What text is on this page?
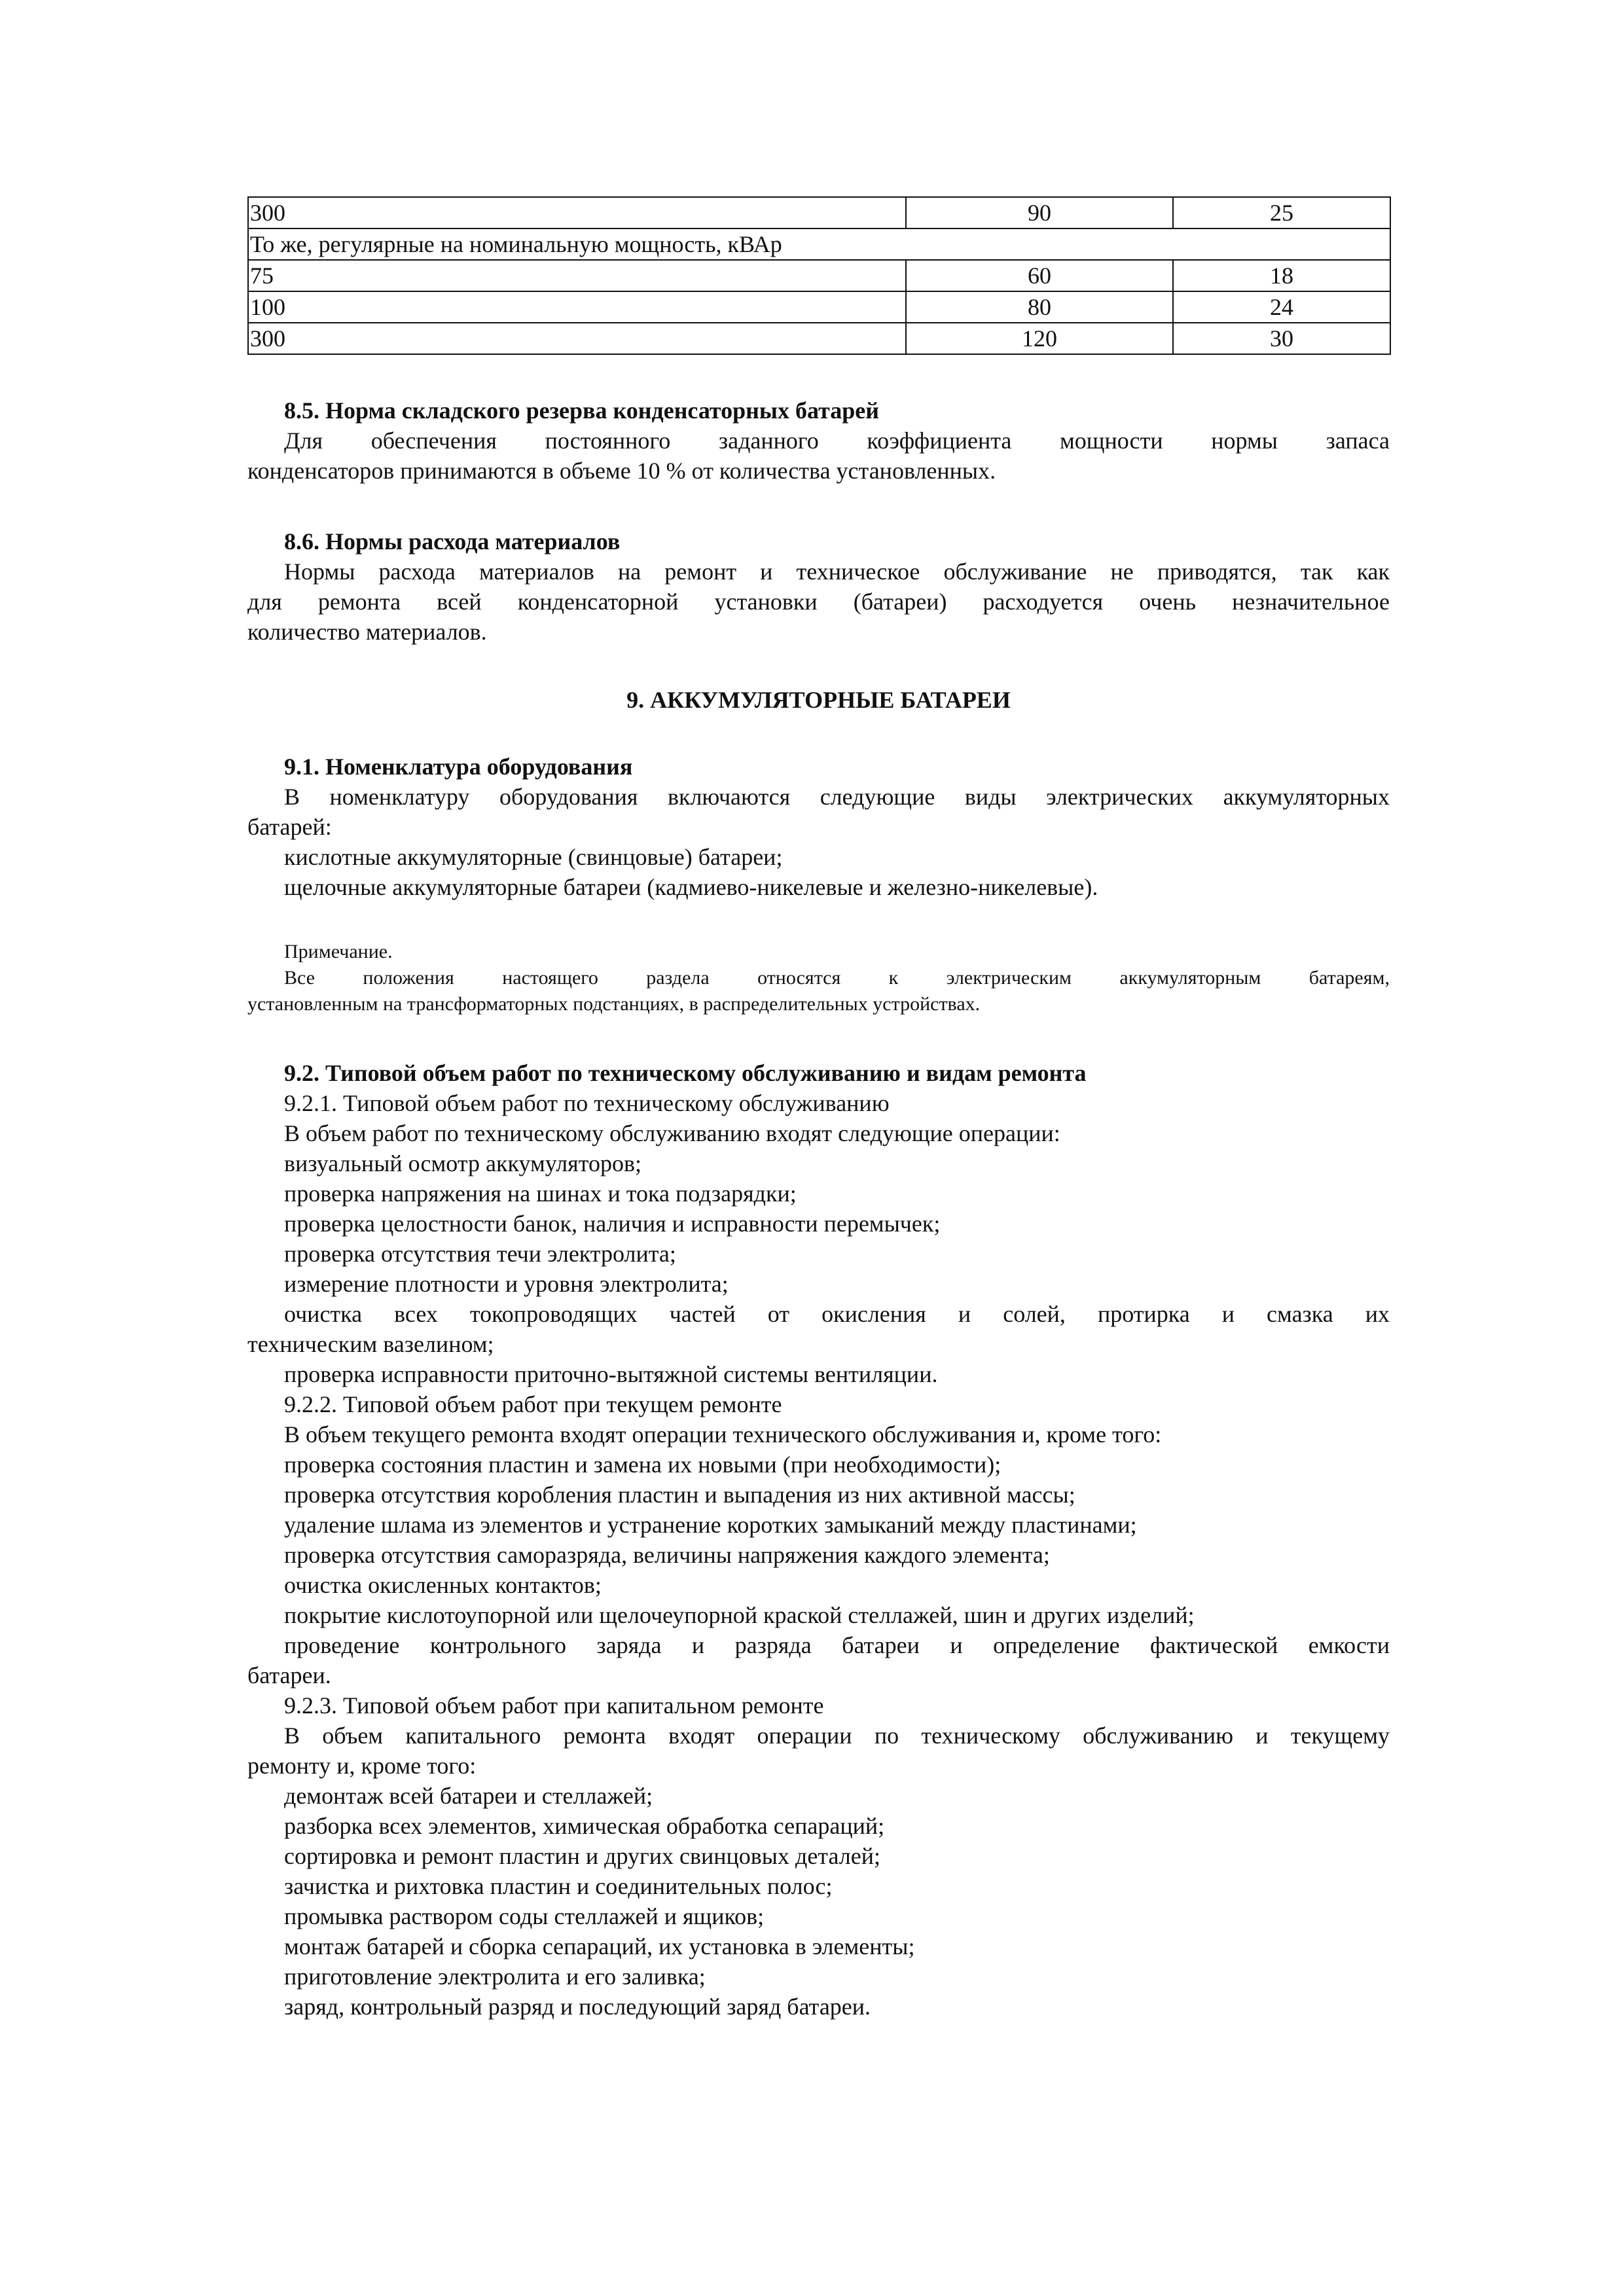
300	90	25
То же, регулярные на номинальную мощность, кВАр		
75	60	18
100	80	24
300	120	30
8.5. Норма складского резерва конденсаторных батарей
Для обеспечения постоянного заданного коэффициента мощности нормы запаса
конденсаторов принимаются в объеме 10 % от количества установленных.
8.6. Нормы расхода материалов
Нормы расхода материалов на ремонт и техническое обслуживание не приводятся, так как
для ремонта всей конденсаторной установки (батареи) расходуется очень незначительное
количество материалов.
9. АККУМУЛЯТОРНЫЕ БАТАРЕИ
9.1. Номенклатура оборудования
В номенклатуру оборудования включаются следующие виды электрических аккумуляторных
батарей:
кислотные аккумуляторные (свинцовые) батареи;
щелочные аккумуляторные батареи (кадмиево-никелевые и железно-никелевые).
Примечание.
Все положения настоящего раздела относятся к электрическим аккумуляторным батареям,
установленным на трансформаторных подстанциях, в распределительных устройствах.
9.2. Типовой объем работ по техническому обслуживанию и видам ремонта
9.2.1. Типовой объем работ по техническому обслуживанию
В объем работ по техническому обслуживанию входят следующие операции:
визуальный осмотр аккумуляторов;
проверка напряжения на шинах и тока подзарядки;
проверка целостности банок, наличия и исправности перемычек;
проверка отсутствия течи электролита;
измерение плотности и уровня электролита;
очистка всех токопроводящих частей от окисления и солей, протирка и смазка их
техническим вазелином;
проверка исправности приточно-вытяжной системы вентиляции.
9.2.2. Типовой объем работ при текущем ремонте
В объем текущего ремонта входят операции технического обслуживания и, кроме того:
проверка состояния пластин и замена их новыми (при необходимости);
проверка отсутствия коробления пластин и выпадения из них активной массы;
удаление шлама из элементов и устранение коротких замыканий между пластинами;
проверка отсутствия саморазряда, величины напряжения каждого элемента;
очистка окисленных контактов;
покрытие кислотоупорной или щелочеупорной краской стеллажей, шин и других изделий;
проведение контрольного заряда и разряда батареи и определение фактической емкости
батареи.
9.2.3. Типовой объем работ при капитальном ремонте
В объем капитального ремонта входят операции по техническому обслуживанию и текущему
ремонту и, кроме того:
демонтаж всей батареи и стеллажей;
разборка всех элементов, химическая обработка сепараций;
сортировка и ремонт пластин и других свинцовых деталей;
зачистка и рихтовка пластин и соединительных полос;
промывка раствором соды стеллажей и ящиков;
монтаж батарей и сборка сепараций, их установка в элементы;
приготовление электролита и его заливка;
заряд, контрольный разряд и последующий заряд батареи.
